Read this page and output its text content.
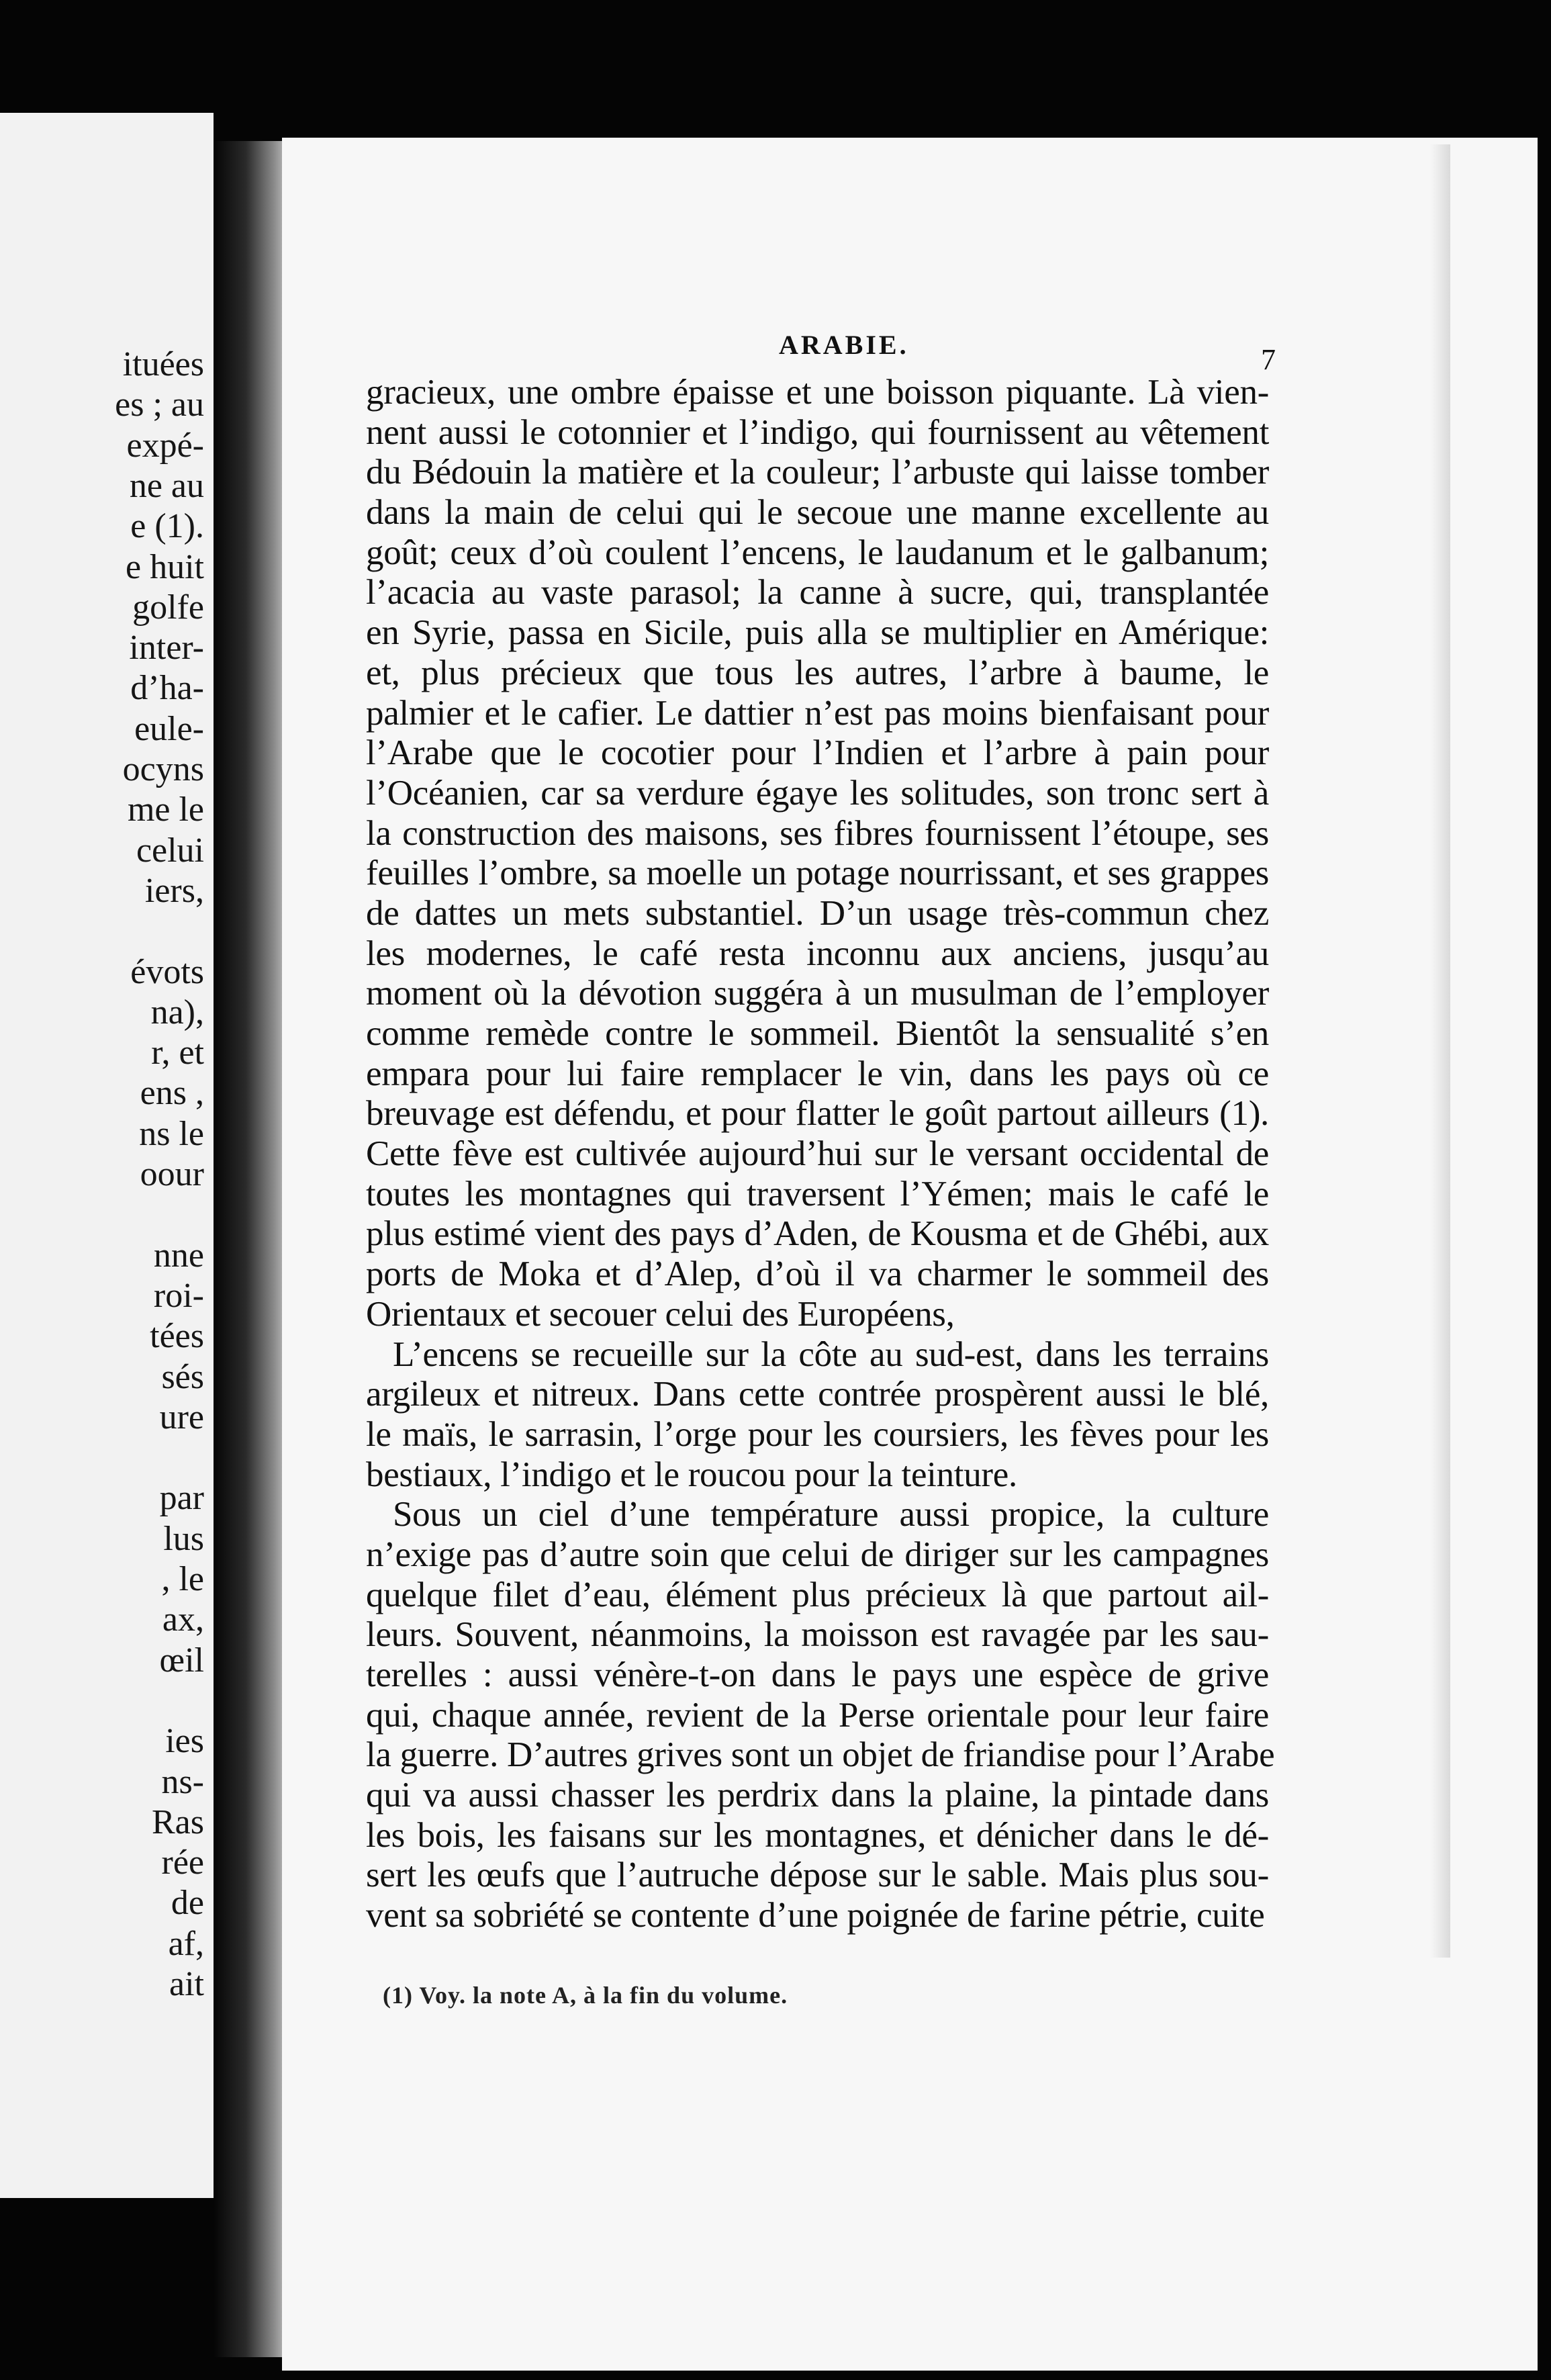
ituées
es ; au
expé-
ne au
e (1).
e huit
golfe
inter-
d’ha-
eule-
ocyns
me le
celui
iers,
évots
na),
r, et
ens ,
ns le
oour
nne
roi-
tées
sés
ure
par
lus
, le
ax,
œil
ies
ns-
Ras
rée
de
af,
ait
ARABIE.	7
gracieux, une ombre épaisse et une boisson piquante. Là vien-
nent aussi le cotonnier et l’indigo, qui fournissent au vêtement
du Bédouin la matière et la couleur; l’arbuste qui laisse tomber
dans la main de celui qui le secoue une manne excellente au
goût; ceux d’où coulent l’encens, le laudanum et le galbanum;
l’acacia au vaste parasol; la canne à sucre, qui, transplantée
en Syrie, passa en Sicile, puis alla se multiplier en Amérique:
et, plus précieux que tous les autres, l’arbre à baume, le
palmier et le cafier. Le dattier n’est pas moins bienfaisant pour
l’Arabe que le cocotier pour l’Indien et l’arbre à pain pour
l’Océanien, car sa verdure égaye les solitudes, son tronc sert à
la construction des maisons, ses fibres fournissent l’étoupe, ses
feuilles l’ombre, sa moelle un potage nourrissant, et ses grappes
de dattes un mets substantiel. D’un usage très-commun chez
les modernes, le café resta inconnu aux anciens, jusqu’au
moment où la dévotion suggéra à un musulman de l’employer
comme remède contre le sommeil. Bientôt la sensualité s’en
empara pour lui faire remplacer le vin, dans les pays où ce
breuvage est défendu, et pour flatter le goût partout ailleurs (1).
Cette fève est cultivée aujourd’hui sur le versant occidental de
toutes les montagnes qui traversent l’Yémen; mais le café le
plus estimé vient des pays d’Aden, de Kousma et de Ghébi, aux
ports de Moka et d’Alep, d’où il va charmer le sommeil des
Orientaux et secouer celui des Européens,
L’encens se recueille sur la côte au sud-est, dans les terrains
argileux et nitreux. Dans cette contrée prospèrent aussi le blé,
le maïs, le sarrasin, l’orge pour les coursiers, les fèves pour les
bestiaux, l’indigo et le roucou pour la teinture.
Sous un ciel d’une température aussi propice, la culture
n’exige pas d’autre soin que celui de diriger sur les campagnes
quelque filet d’eau, élément plus précieux là que partout ail-
leurs. Souvent, néanmoins, la moisson est ravagée par les sau-
terelles : aussi vénère-t-on dans le pays une espèce de grive
qui, chaque année, revient de la Perse orientale pour leur faire
la guerre. D’autres grives sont un objet de friandise pour l’Arabe
qui va aussi chasser les perdrix dans la plaine, la pintade dans
les bois, les faisans sur les montagnes, et dénicher dans le dé-
sert les œufs que l’autruche dépose sur le sable. Mais plus sou-
vent sa sobriété se contente d’une poignée de farine pétrie, cuite
(1) Voy. la note A, à la fin du volume.
